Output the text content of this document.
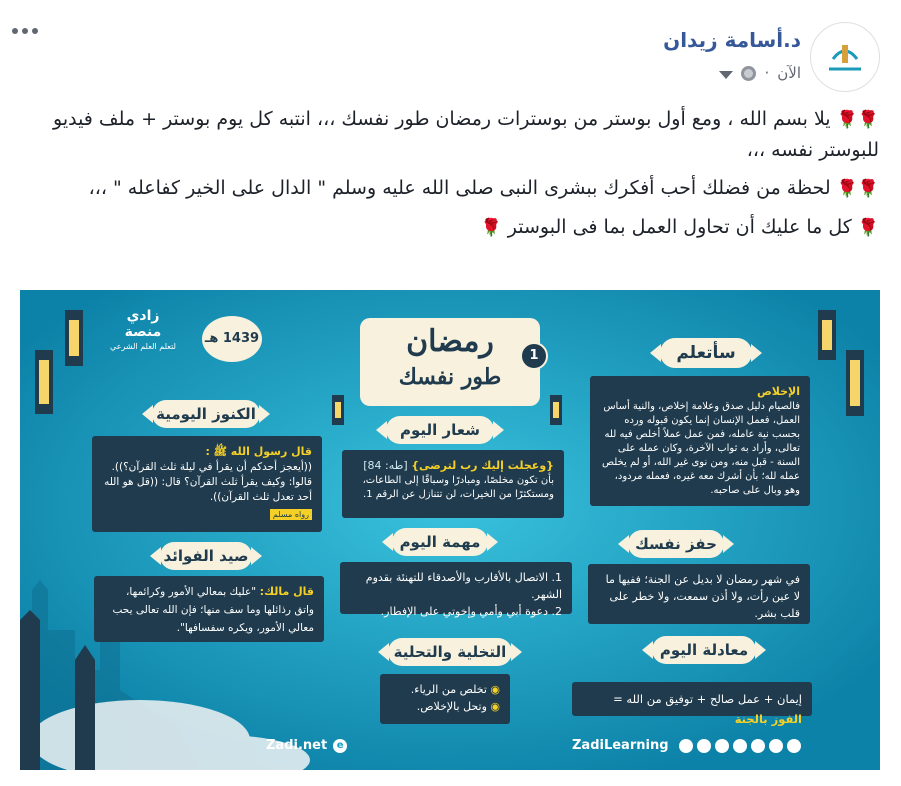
د.أسامة زيدان
الآن
·

🌹🌹 يلا بسم الله ، ومع أول بوستر من بوسترات رمضان طور نفسك ،،، انتبه كل يوم بوستر + ملف فيديو للبوستر نفسه ،،،

🌹🌹 لحظة من فضلك أحب أفكرك ببشرى النبى صلى الله عليه وسلم " الدال على الخير كفاعله " ،،،

🌹 كل ما عليك أن تحاول العمل بما فى البوستر 🌹

زادي منصة
لتعلم العلم الشرعي
1439 هـ	رمضان
طور نفسك
1	سأتعلم
الإخلاص
فالصيام دليل صدق وعلامة إخلاص، والنية أساس العمل، فعمل الإنسان إنما يكون قبوله ورده بحسب نية عامله، فمن عمل عملاً أخلص فيه لله تعالى، وأراد به ثواب الآخرة، وكان عمله على السنة - قبل منه، ومن نوى غير الله، أو لم يخلص عمله لله؛ بأن أشرك معه غيره، فعمله مردود، وهو وبال على صاحبه.
الكنوز اليومية
قال رسول الله ﷺ :
((أيعجز أحدكم أن يقرأ في ليلة ثلث القرآن؟)). قالوا: وكيف يقرأ ثلث القرآن؟ قال: ((قل هو الله أحد تعدل ثلث القرآن)).
رواه مسلم
شعار اليوم
{وعجلت إليك رب لترضى} [طه: 84]
بأن تكون مخلصًا، ومبادرًا وسباقًا إلى الطاعات، ومستكثرًا من الخيرات، لن تتنازل عن الرقم 1.
مهمة اليوم
1. الاتصال بالأقارب والأصدقاء للتهنئة بقدوم الشهر.
2. دعوة أبي وأمي وإخوتي على الإفطار.
حفز نفسك
في شهر رمضان لا بديل عن الجنة؛ ففيها ما لا عين رأت، ولا أذن سمعت، ولا خطر على قلب بشر.
صيد الفوائد
قال مالك: "عليك بمعالي الأمور وكرائمها، واتق رذائلها وما سف منها؛ فإن الله تعالى يحب معالي الأمور، ويكره سفسافها".
التخلية والتحلية
◉ تخلص من الرياء.
◉ وتحل بالإخلاص.
معادلة اليوم
إيمان + عمل صالح + توفيق من الله = الفوز بالجنة
Zadi.net e	ZadiLearning
